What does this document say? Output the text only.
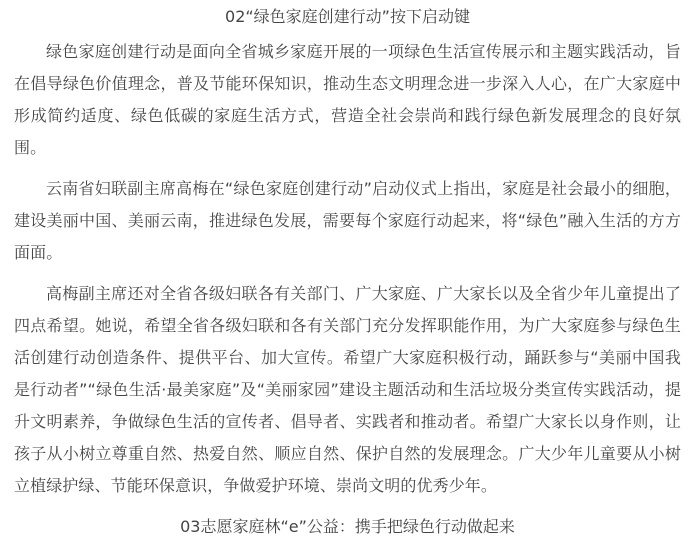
02“绿色家庭创建行动”按下启动键

绿色家庭创建行动是面向全省城乡家庭开展的一项绿色生活宣传展示和主题实践活动，旨在倡导绿色价值理念，普及节能环保知识，推动生态文明理念进一步深入人心，在广大家庭中形成简约适度、绿色低碳的家庭生活方式，营造全社会崇尚和践行绿色新发展理念的良好氛围。

云南省妇联副主席高梅在“绿色家庭创建行动”启动仪式上指出，家庭是社会最小的细胞，建设美丽中国、美丽云南，推进绿色发展，需要每个家庭行动起来，将“绿色”融入生活的方方面面。

高梅副主席还对全省各级妇联各有关部门、广大家庭、广大家长以及全省少年儿童提出了四点希望。她说，希望全省各级妇联和各有关部门充分发挥职能作用，为广大家庭参与绿色生活创建行动创造条件、提供平台、加大宣传。希望广大家庭积极行动，踊跃参与“美丽中国我是行动者”“绿色生活·最美家庭”及“美丽家园”建设主题活动和生活垃圾分类宣传实践活动，提升文明素养，争做绿色生活的宣传者、倡导者、实践者和推动者。希望广大家长以身作则，让孩子从小树立尊重自然、热爱自然、顺应自然、保护自然的发展理念。广大少年儿童要从小树立植绿护绿、节能环保意识，争做爱护环境、崇尚文明的优秀少年。

03志愿家庭林“e”公益：携手把绿色行动做起来
